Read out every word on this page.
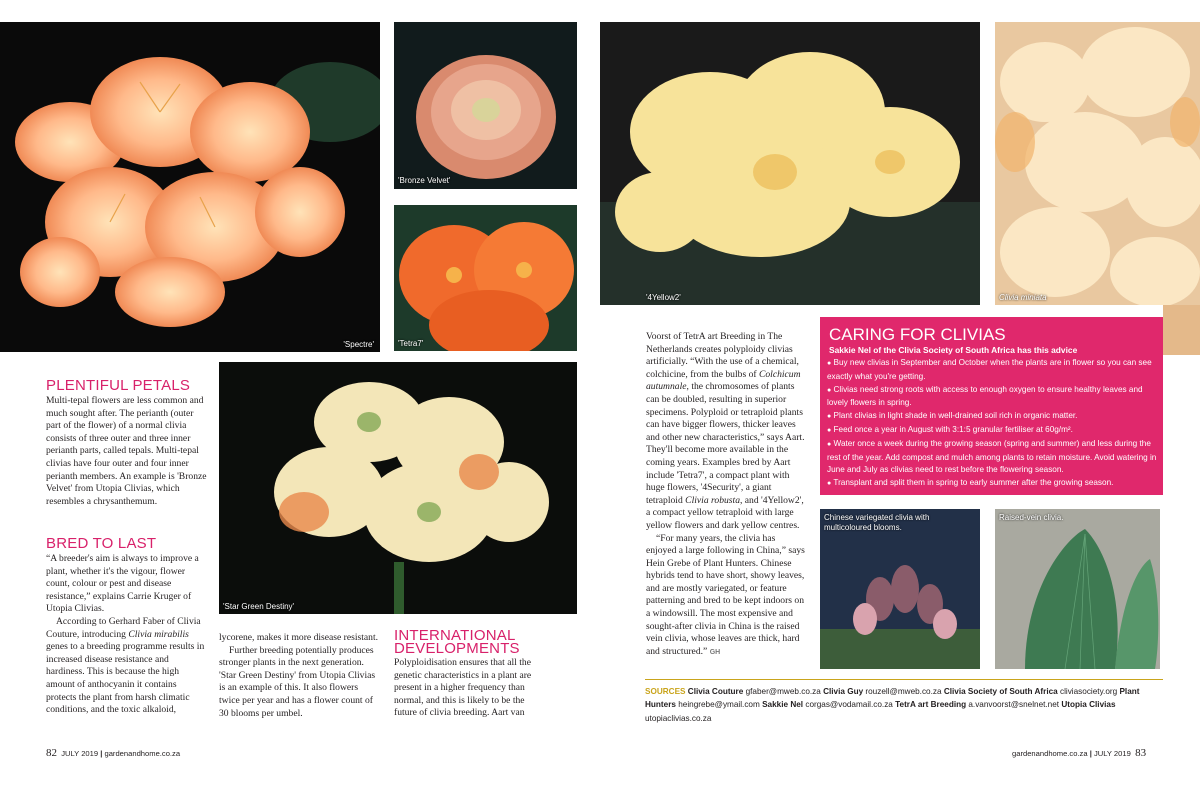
'Spectre'
'Bronze Velvet'
'Tetra7'
'Star Green Destiny'
'4Yellow2'	Clivia miniata
Chinese variegated clivia with multicoloured blooms.
Raised-vein clivia.
PLENTIFUL PETALS

Multi-tepal flowers are less common and much sought after. The perianth (outer part of the flower) of a normal clivia consists of three outer and three inner perianth parts, called tepals. Multi-tepal clivias have four outer and four inner perianth members. An example is 'Bronze Velvet' from Utopia Clivias, which resembles a chrysanthemum.

BRED TO LAST

“A breeder's aim is always to improve a plant, whether it's the vigour, flower count, colour or pest and disease resistance,” explains Carrie Kruger of Utopia Clivias.

According to Gerhard Faber of Clivia Couture, introducing Clivia mirabilis genes to a breeding programme results in increased disease resistance and hardiness. This is because the high amount of anthocyanin it contains protects the plant from harsh climatic conditions, and the toxic alkaloid,

lycorene, makes it more disease resistant.

Further breeding potentially produces stronger plants in the next generation. 'Star Green Destiny' from Utopia Clivias is an example of this. It also flowers twice per year and has a flower count of 30 blooms per umbel.

INTERNATIONAL DEVELOPMENTS

Polyploidisation ensures that all the genetic characteristics in a plant are present in a higher frequency than normal, and this is likely to be the future of clivia breeding. Aart van

Voorst of TetrA art Breeding in The Netherlands creates polyploidy clivias artificially. “With the use of a chemical, colchicine, from the bulbs of Colchicum autumnale, the chromosomes of plants can be doubled, resulting in superior specimens. Polyploid or tetraploid plants can have bigger flowers, thicker leaves and other new characteristics,” says Aart. They'll become more available in the coming years. Examples bred by Aart include 'Tetra7', a compact plant with huge flowers, '4Security', a giant tetraploid Clivia robusta, and '4Yellow2', a compact yellow tetraploid with large yellow flowers and dark yellow centres.

“For many years, the clivia has enjoyed a large following in China,” says Hein Grebe of Plant Hunters. Chinese hybrids tend to have short, showy leaves, and are mostly variegated, or feature patterning and bred to be kept indoors on a windowsill. The most expensive and sought-after clivia in China is the raised vein clivia, whose leaves are thick, hard and structured.” GH

CARING FOR CLIVIAS
Sakkie Nel of the Clivia Society of South Africa has this advice
● Buy new clivias in September and October when the plants are in flower so you can see exactly what you're getting.
● Clivias need strong roots with access to enough oxygen to ensure healthy leaves and lovely flowers in spring.
● Plant clivias in light shade in well-drained soil rich in organic matter.
● Feed once a year in August with 3:1:5 granular fertiliser at 60g/m².
● Water once a week during the growing season (spring and summer) and less during the rest of the year. Add compost and mulch among plants to retain moisture. Avoid watering in June and July as clivias need to rest before the flowering season.
● Transplant and split them in spring to early summer after the growing season.
SOURCES Clivia Couture gfaber@mweb.co.za Clivia Guy rouzell@mweb.co.za Clivia Society of South Africa cliviasociety.org Plant Hunters heingrebe@ymail.com Sakkie Nel corgas@vodamail.co.za TetrA art Breeding a.vanvoorst@snelnet.net Utopia Clivias utopiaclivias.co.za
82 JULY 2019 | gardenandhome.co.za	gardenandhome.co.za | JULY 2019 83
